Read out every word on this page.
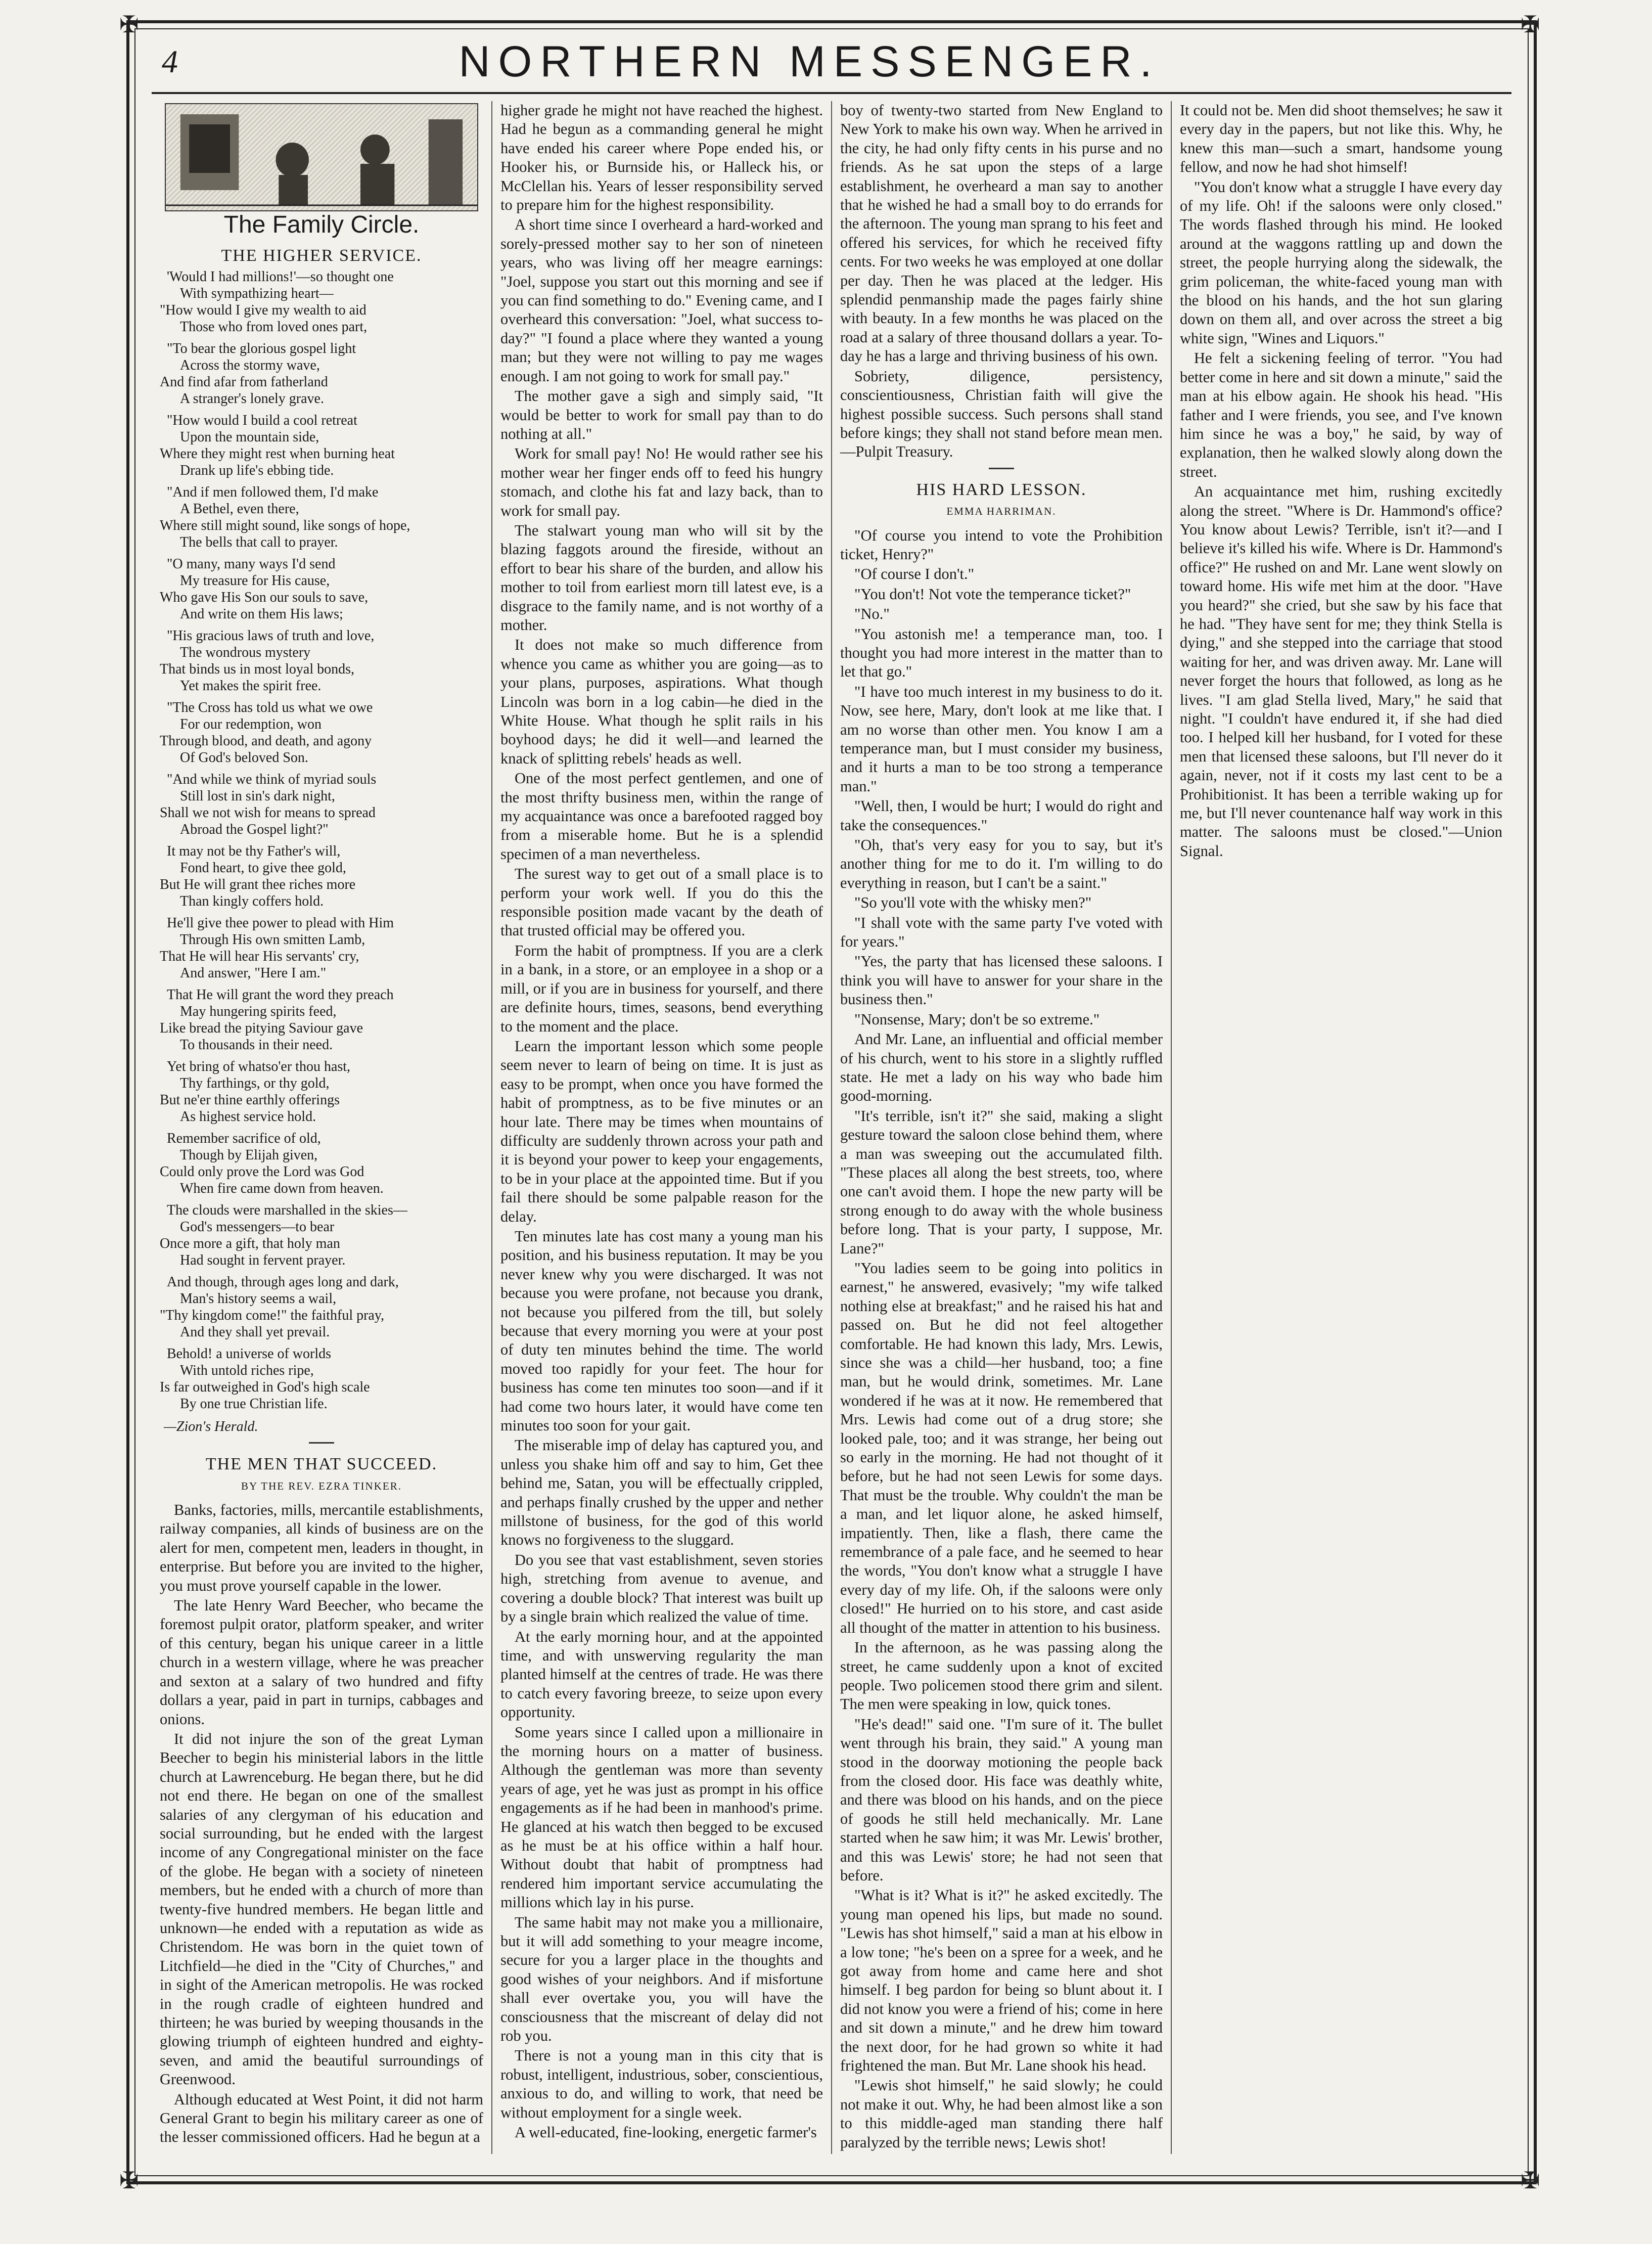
✠	✠
✠	✠
4	NORTHERN MESSENGER.
The Family Circle.
THE HIGHER SERVICE.
'Would I had millions!'—so thought one
With sympathizing heart—
"How would I give my wealth to aid
Those who from loved ones part,
"To bear the glorious gospel light
Across the stormy wave,
And find afar from fatherland
A stranger's lonely grave.
"How would I build a cool retreat
Upon the mountain side,
Where they might rest when burning heat
Drank up life's ebbing tide.
"And if men followed them, I'd make
A Bethel, even there,
Where still might sound, like songs of hope,
The bells that call to prayer.
"O many, many ways I'd send
My treasure for His cause,
Who gave His Son our souls to save,
And write on them His laws;
"His gracious laws of truth and love,
The wondrous mystery
That binds us in most loyal bonds,
Yet makes the spirit free.
"The Cross has told us what we owe
For our redemption, won
Through blood, and death, and agony
Of God's beloved Son.
"And while we think of myriad souls
Still lost in sin's dark night,
Shall we not wish for means to spread
Abroad the Gospel light?"
It may not be thy Father's will,
Fond heart, to give thee gold,
But He will grant thee riches more
Than kingly coffers hold.
He'll give thee power to plead with Him
Through His own smitten Lamb,
That He will hear His servants' cry,
And answer, "Here I am."
That He will grant the word they preach
May hungering spirits feed,
Like bread the pitying Saviour gave
To thousands in their need.
Yet bring of whatso'er thou hast,
Thy farthings, or thy gold,
But ne'er thine earthly offerings
As highest service hold.
Remember sacrifice of old,
Though by Elijah given,
Could only prove the Lord was God
When fire came down from heaven.
The clouds were marshalled in the skies—
God's messengers—to bear
Once more a gift, that holy man
Had sought in fervent prayer.
And though, through ages long and dark,
Man's history seems a wail,
"Thy kingdom come!" the faithful pray,
And they shall yet prevail.
Behold! a universe of worlds
With untold riches ripe,
Is far outweighed in God's high scale
By one true Christian life.
—Zion's Herald.
THE MEN THAT SUCCEED.
BY THE REV. EZRA TINKER.

Banks, factories, mills, mercantile establishments, railway companies, all kinds of business are on the alert for men, competent men, leaders in thought, in enterprise. But before you are invited to the higher, you must prove yourself capable in the lower.

The late Henry Ward Beecher, who became the foremost pulpit orator, platform speaker, and writer of this century, began his unique career in a little church in a western village, where he was preacher and sexton at a salary of two hundred and fifty dollars a year, paid in part in turnips, cabbages and onions.

It did not injure the son of the great Lyman Beecher to begin his ministerial labors in the little church at Lawrenceburg. He began there, but he did not end there. He began on one of the smallest salaries of any clergyman of his education and social surrounding, but he ended with the largest income of any Congregational minister on the face of the globe. He began with a society of nineteen members, but he ended with a church of more than twenty-five hundred members. He began little and unknown—he ended with a reputation as wide as Christendom. He was born in the quiet town of Litchfield—he died in the "City of Churches," and in sight of the American metropolis. He was rocked in the rough cradle of eighteen hundred and thirteen; he was buried by weeping thousands in the glowing triumph of eighteen hundred and eighty-seven, and amid the beautiful surroundings of Greenwood.

Although educated at West Point, it did not harm General Grant to begin his military career as one of the lesser commissioned officers. Had he begun at a

higher grade he might not have reached the highest. Had he begun as a commanding general he might have ended his career where Pope ended his, or Hooker his, or Burnside his, or Halleck his, or McClellan his. Years of lesser responsibility served to prepare him for the highest responsibility.

A short time since I overheard a hard-worked and sorely-pressed mother say to her son of nineteen years, who was living off her meagre earnings: "Joel, suppose you start out this morning and see if you can find something to do." Evening came, and I overheard this conversation: "Joel, what success to-day?" "I found a place where they wanted a young man; but they were not willing to pay me wages enough. I am not going to work for small pay."

The mother gave a sigh and simply said, "It would be better to work for small pay than to do nothing at all."

Work for small pay! No! He would rather see his mother wear her finger ends off to feed his hungry stomach, and clothe his fat and lazy back, than to work for small pay.

The stalwart young man who will sit by the blazing faggots around the fireside, without an effort to bear his share of the burden, and allow his mother to toil from earliest morn till latest eve, is a disgrace to the family name, and is not worthy of a mother.

It does not make so much difference from whence you came as whither you are going—as to your plans, purposes, aspirations. What though Lincoln was born in a log cabin—he died in the White House. What though he split rails in his boyhood days; he did it well—and learned the knack of splitting rebels' heads as well.

One of the most perfect gentlemen, and one of the most thrifty business men, within the range of my acquaintance was once a barefooted ragged boy from a miserable home. But he is a splendid specimen of a man nevertheless.

The surest way to get out of a small place is to perform your work well. If you do this the responsible position made vacant by the death of that trusted official may be offered you.

Form the habit of promptness. If you are a clerk in a bank, in a store, or an employee in a shop or a mill, or if you are in business for yourself, and there are definite hours, times, seasons, bend everything to the moment and the place.

Learn the important lesson which some people seem never to learn of being on time. It is just as easy to be prompt, when once you have formed the habit of promptness, as to be five minutes or an hour late. There may be times when mountains of difficulty are suddenly thrown across your path and it is beyond your power to keep your engagements, to be in your place at the appointed time. But if you fail there should be some palpable reason for the delay.

Ten minutes late has cost many a young man his position, and his business reputation. It may be you never knew why you were discharged. It was not because you were profane, not because you drank, not because you pilfered from the till, but solely because that every morning you were at your post of duty ten minutes behind the time. The world moved too rapidly for your feet. The hour for business has come ten minutes too soon—and if it had come two hours later, it would have come ten minutes too soon for your gait.

The miserable imp of delay has captured you, and unless you shake him off and say to him, Get thee behind me, Satan, you will be effectually crippled, and perhaps finally crushed by the upper and nether millstone of business, for the god of this world knows no forgiveness to the sluggard.

Do you see that vast establishment, seven stories high, stretching from avenue to avenue, and covering a double block? That interest was built up by a single brain which realized the value of time.

At the early morning hour, and at the appointed time, and with unswerving regularity the man planted himself at the centres of trade. He was there to catch every favoring breeze, to seize upon every opportunity.

Some years since I called upon a millionaire in the morning hours on a matter of business. Although the gentleman was more than seventy years of age, yet he was just as prompt in his office engagements as if he had been in manhood's prime. He glanced at his watch then begged to be excused as he must be at his office within a half hour. Without doubt that habit of promptness had rendered him important service accumulating the millions which lay in his purse.

The same habit may not make you a millionaire, but it will add something to your meagre income, secure for you a larger place in the thoughts and good wishes of your neighbors. And if misfortune shall ever overtake you, you will have the consciousness that the miscreant of delay did not rob you.

There is not a young man in this city that is robust, intelligent, industrious, sober, conscientious, anxious to do, and willing to work, that need be without employment for a single week.

A well-educated, fine-looking, energetic farmer's

boy of twenty-two started from New England to New York to make his own way. When he arrived in the city, he had only fifty cents in his purse and no friends. As he sat upon the steps of a large establishment, he overheard a man say to another that he wished he had a small boy to do errands for the afternoon. The young man sprang to his feet and offered his services, for which he received fifty cents. For two weeks he was employed at one dollar per day. Then he was placed at the ledger. His splendid penmanship made the pages fairly shine with beauty. In a few months he was placed on the road at a salary of three thousand dollars a year. To-day he has a large and thriving business of his own.

Sobriety, diligence, persistency, conscientiousness, Christian faith will give the highest possible success. Such persons shall stand before kings; they shall not stand before mean men.—Pulpit Treasury.

HIS HARD LESSON.
EMMA HARRIMAN.

"Of course you intend to vote the Prohibition ticket, Henry?"

"Of course I don't."

"You don't! Not vote the temperance ticket?"

"No."

"You astonish me! a temperance man, too. I thought you had more interest in the matter than to let that go."

"I have too much interest in my business to do it. Now, see here, Mary, don't look at me like that. I am no worse than other men. You know I am a temperance man, but I must consider my business, and it hurts a man to be too strong a temperance man."

"Well, then, I would be hurt; I would do right and take the consequences."

"Oh, that's very easy for you to say, but it's another thing for me to do it. I'm willing to do everything in reason, but I can't be a saint."

"So you'll vote with the whisky men?"

"I shall vote with the same party I've voted with for years."

"Yes, the party that has licensed these saloons. I think you will have to answer for your share in the business then."

"Nonsense, Mary; don't be so extreme."

And Mr. Lane, an influential and official member of his church, went to his store in a slightly ruffled state. He met a lady on his way who bade him good-morning.

"It's terrible, isn't it?" she said, making a slight gesture toward the saloon close behind them, where a man was sweeping out the accumulated filth. "These places all along the best streets, too, where one can't avoid them. I hope the new party will be strong enough to do away with the whole business before long. That is your party, I suppose, Mr. Lane?"

"You ladies seem to be going into politics in earnest," he answered, evasively; "my wife talked nothing else at breakfast;" and he raised his hat and passed on. But he did not feel altogether comfortable. He had known this lady, Mrs. Lewis, since she was a child—her husband, too; a fine man, but he would drink, sometimes. Mr. Lane wondered if he was at it now. He remembered that Mrs. Lewis had come out of a drug store; she looked pale, too; and it was strange, her being out so early in the morning. He had not thought of it before, but he had not seen Lewis for some days. That must be the trouble. Why couldn't the man be a man, and let liquor alone, he asked himself, impatiently. Then, like a flash, there came the remembrance of a pale face, and he seemed to hear the words, "You don't know what a struggle I have every day of my life. Oh, if the saloons were only closed!" He hurried on to his store, and cast aside all thought of the matter in attention to his business.

In the afternoon, as he was passing along the street, he came suddenly upon a knot of excited people. Two policemen stood there grim and silent. The men were speaking in low, quick tones.

"He's dead!" said one. "I'm sure of it. The bullet went through his brain, they said." A young man stood in the doorway motioning the people back from the closed door. His face was deathly white, and there was blood on his hands, and on the piece of goods he still held mechanically. Mr. Lane started when he saw him; it was Mr. Lewis' brother, and this was Lewis' store; he had not seen that before.

"What is it? What is it?" he asked excitedly. The young man opened his lips, but made no sound. "Lewis has shot himself," said a man at his elbow in a low tone; "he's been on a spree for a week, and he got away from home and came here and shot himself. I beg pardon for being so blunt about it. I did not know you were a friend of his; come in here and sit down a minute," and he drew him toward the next door, for he had grown so white it had frightened the man. But Mr. Lane shook his head.

"Lewis shot himself," he said slowly; he could not make it out. Why, he had been almost like a son to this middle-aged man standing there half paralyzed by the terrible news; Lewis shot!

It could not be. Men did shoot themselves; he saw it every day in the papers, but not like this. Why, he knew this man—such a smart, handsome young fellow, and now he had shot himself!

"You don't know what a struggle I have every day of my life. Oh! if the saloons were only closed." The words flashed through his mind. He looked around at the waggons rattling up and down the street, the people hurrying along the sidewalk, the grim policeman, the white-faced young man with the blood on his hands, and the hot sun glaring down on them all, and over across the street a big white sign, "Wines and Liquors."

He felt a sickening feeling of terror. "You had better come in here and sit down a minute," said the man at his elbow again. He shook his head. "His father and I were friends, you see, and I've known him since he was a boy," he said, by way of explanation, then he walked slowly along down the street.

An acquaintance met him, rushing excitedly along the street. "Where is Dr. Hammond's office? You know about Lewis? Terrible, isn't it?—and I believe it's killed his wife. Where is Dr. Hammond's office?" He rushed on and Mr. Lane went slowly on toward home. His wife met him at the door. "Have you heard?" she cried, but she saw by his face that he had. "They have sent for me; they think Stella is dying," and she stepped into the carriage that stood waiting for her, and was driven away. Mr. Lane will never forget the hours that followed, as long as he lives. "I am glad Stella lived, Mary," he said that night. "I couldn't have endured it, if she had died too. I helped kill her husband, for I voted for these men that licensed these saloons, but I'll never do it again, never, not if it costs my last cent to be a Prohibitionist. It has been a terrible waking up for me, but I'll never countenance half way work in this matter. The saloons must be closed."—Union Signal.
